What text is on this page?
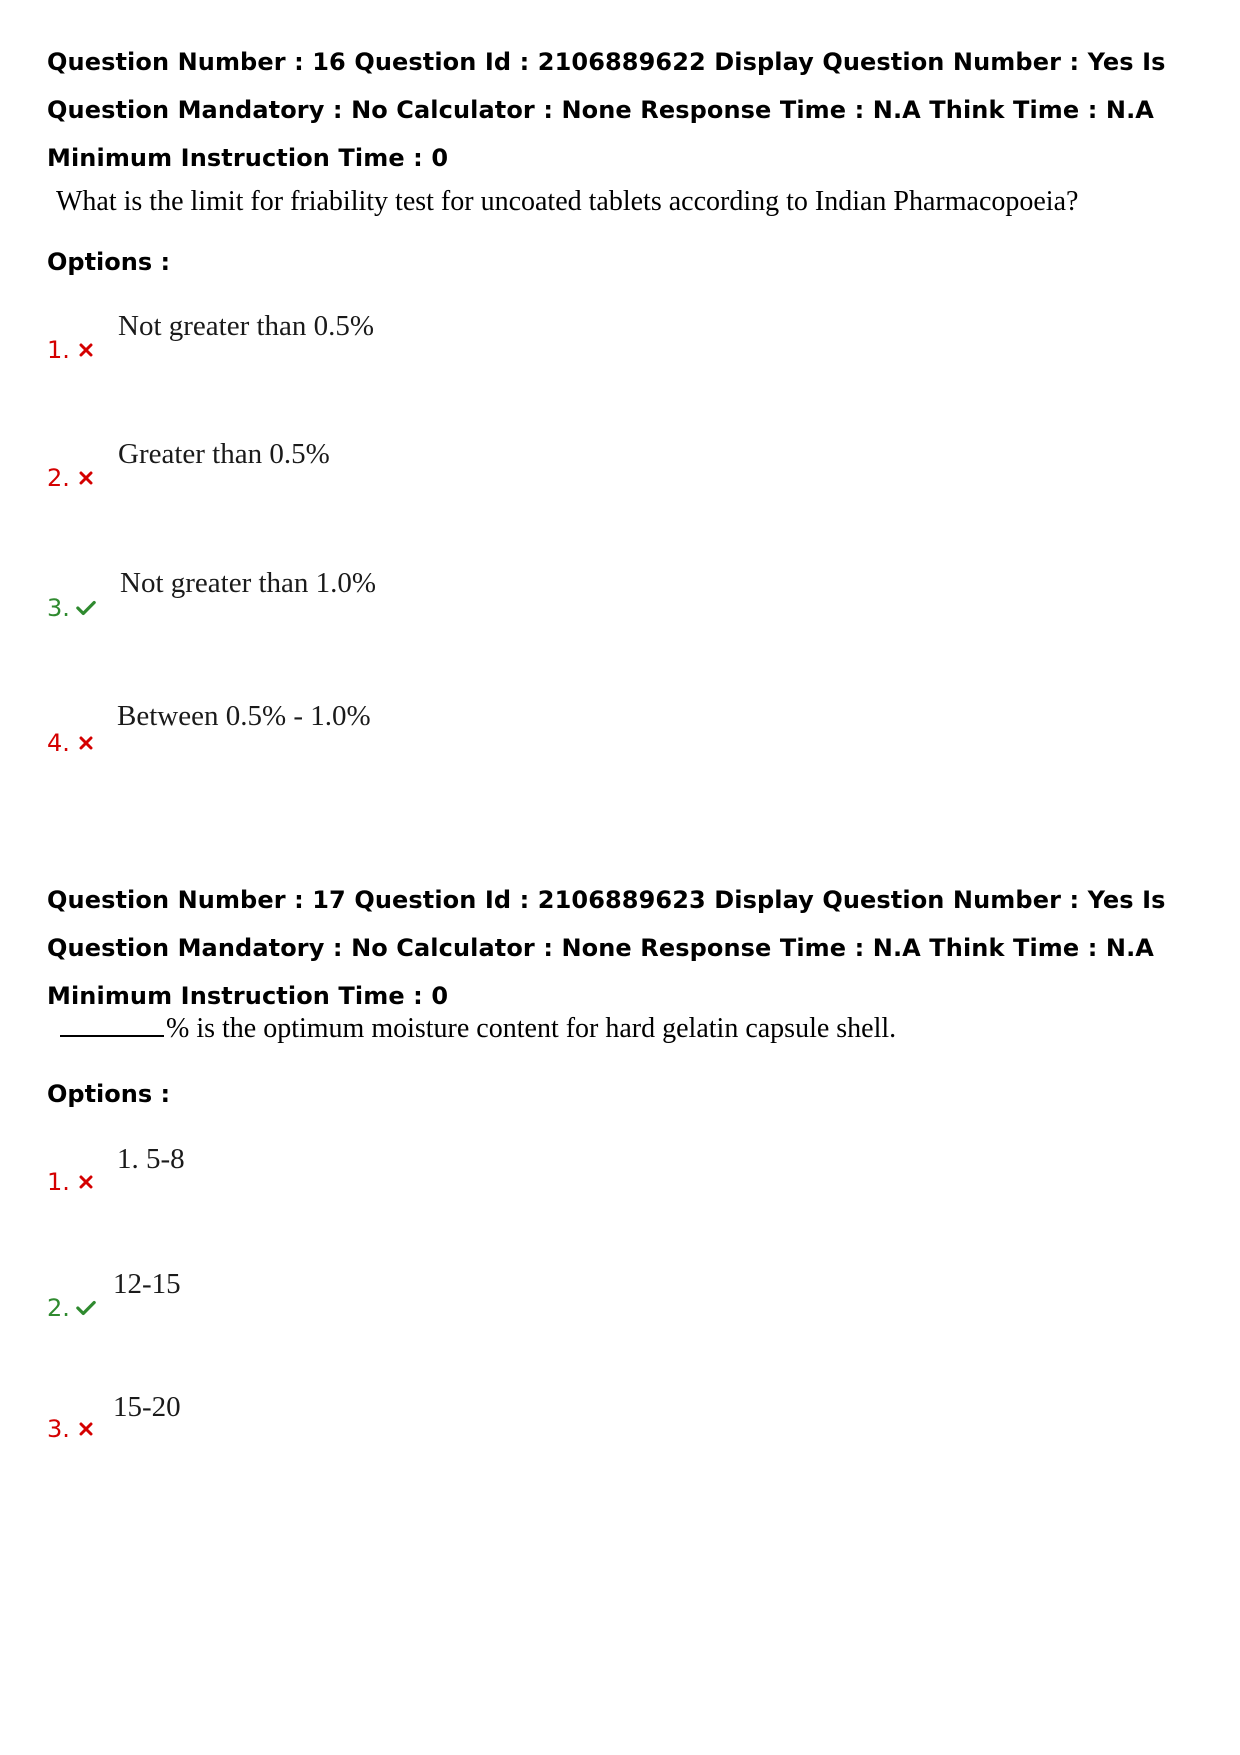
Question Number : 16 Question Id : 2106889622 Display Question Number : Yes Is Question Mandatory : No Calculator : None Response Time : N.A Think Time : N.A Minimum Instruction Time : 0
What is the limit for friability test for uncoated tablets according to Indian Pharmacopoeia?
Options :
1.
Not greater than 0.5%
2.
Greater than 0.5%
3.
Not greater than 1.0%
4.
Between 0.5% - 1.0%
Question Number : 17 Question Id : 2106889623 Display Question Number : Yes Is Question Mandatory : No Calculator : None Response Time : N.A Think Time : N.A Minimum Instruction Time : 0
% is the optimum moisture content for hard gelatin capsule shell.
Options :
1.
1. 5-8
2.
12-15
3.
15-20
